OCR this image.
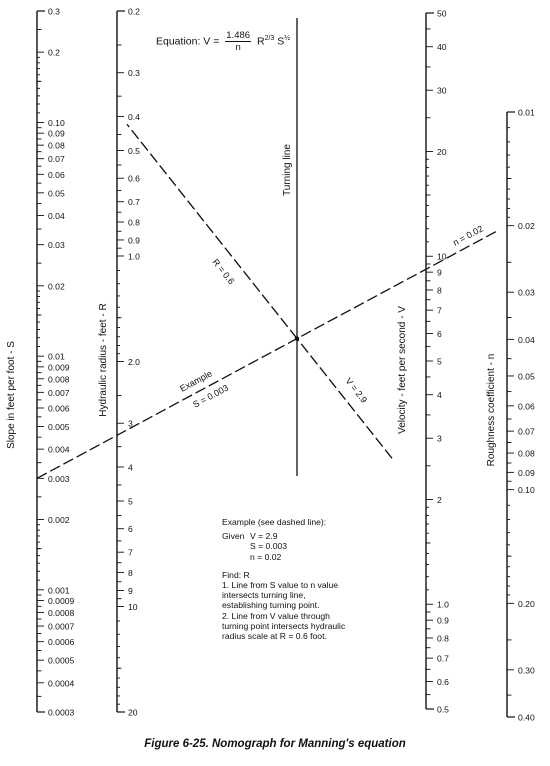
0.3
0.2
0.10
0.09
0.08
0.07
0.06
0.05
0.04
0.03
0.02
0.01
0.009
0.008
0.007
0.006
0.005
0.004
0.003
0.002
0.001
0.0009
0.0008
0.0007
0.0006
0.0005
0.0004
0.0003
0.2
0.3
0.4
0.5
0.6
0.7
0.8
0.9
1.0
2.0
3
4
5
6
7
8
9
10
20
50
40
30
20
10
9
8
7
6
5
4
3
2
1.0
0.9
0.8
0.7
0.6
0.5
0.01
0.02
0.03
0.04
0.05
0.06
0.07
0.08
0.09
0.10
0.20
0.30
0.40
R = 0.6
V = 2.9
Example
S = 0.003
n = 0.02
Slope in feet per foot - S	Hydraulic radius - feet - R
Turning line
Velocity - feet per second - V	Roughness coefficient - n
Equation: $V = \frac{1.486}{n} R^{2/3}$ $S^{\frac{1}{2}}$
Example (see dashed line):
Given V = 2.9
S = 0.003
n = 0.02
Find: R
1. Line from S value to n value intersects turning line, establishing turning point.
2. Line from V value through turning point intersects hydraulic radius scale at R = 0.6 foot.
Figure 6-25. Nomograph for Manning's equation
